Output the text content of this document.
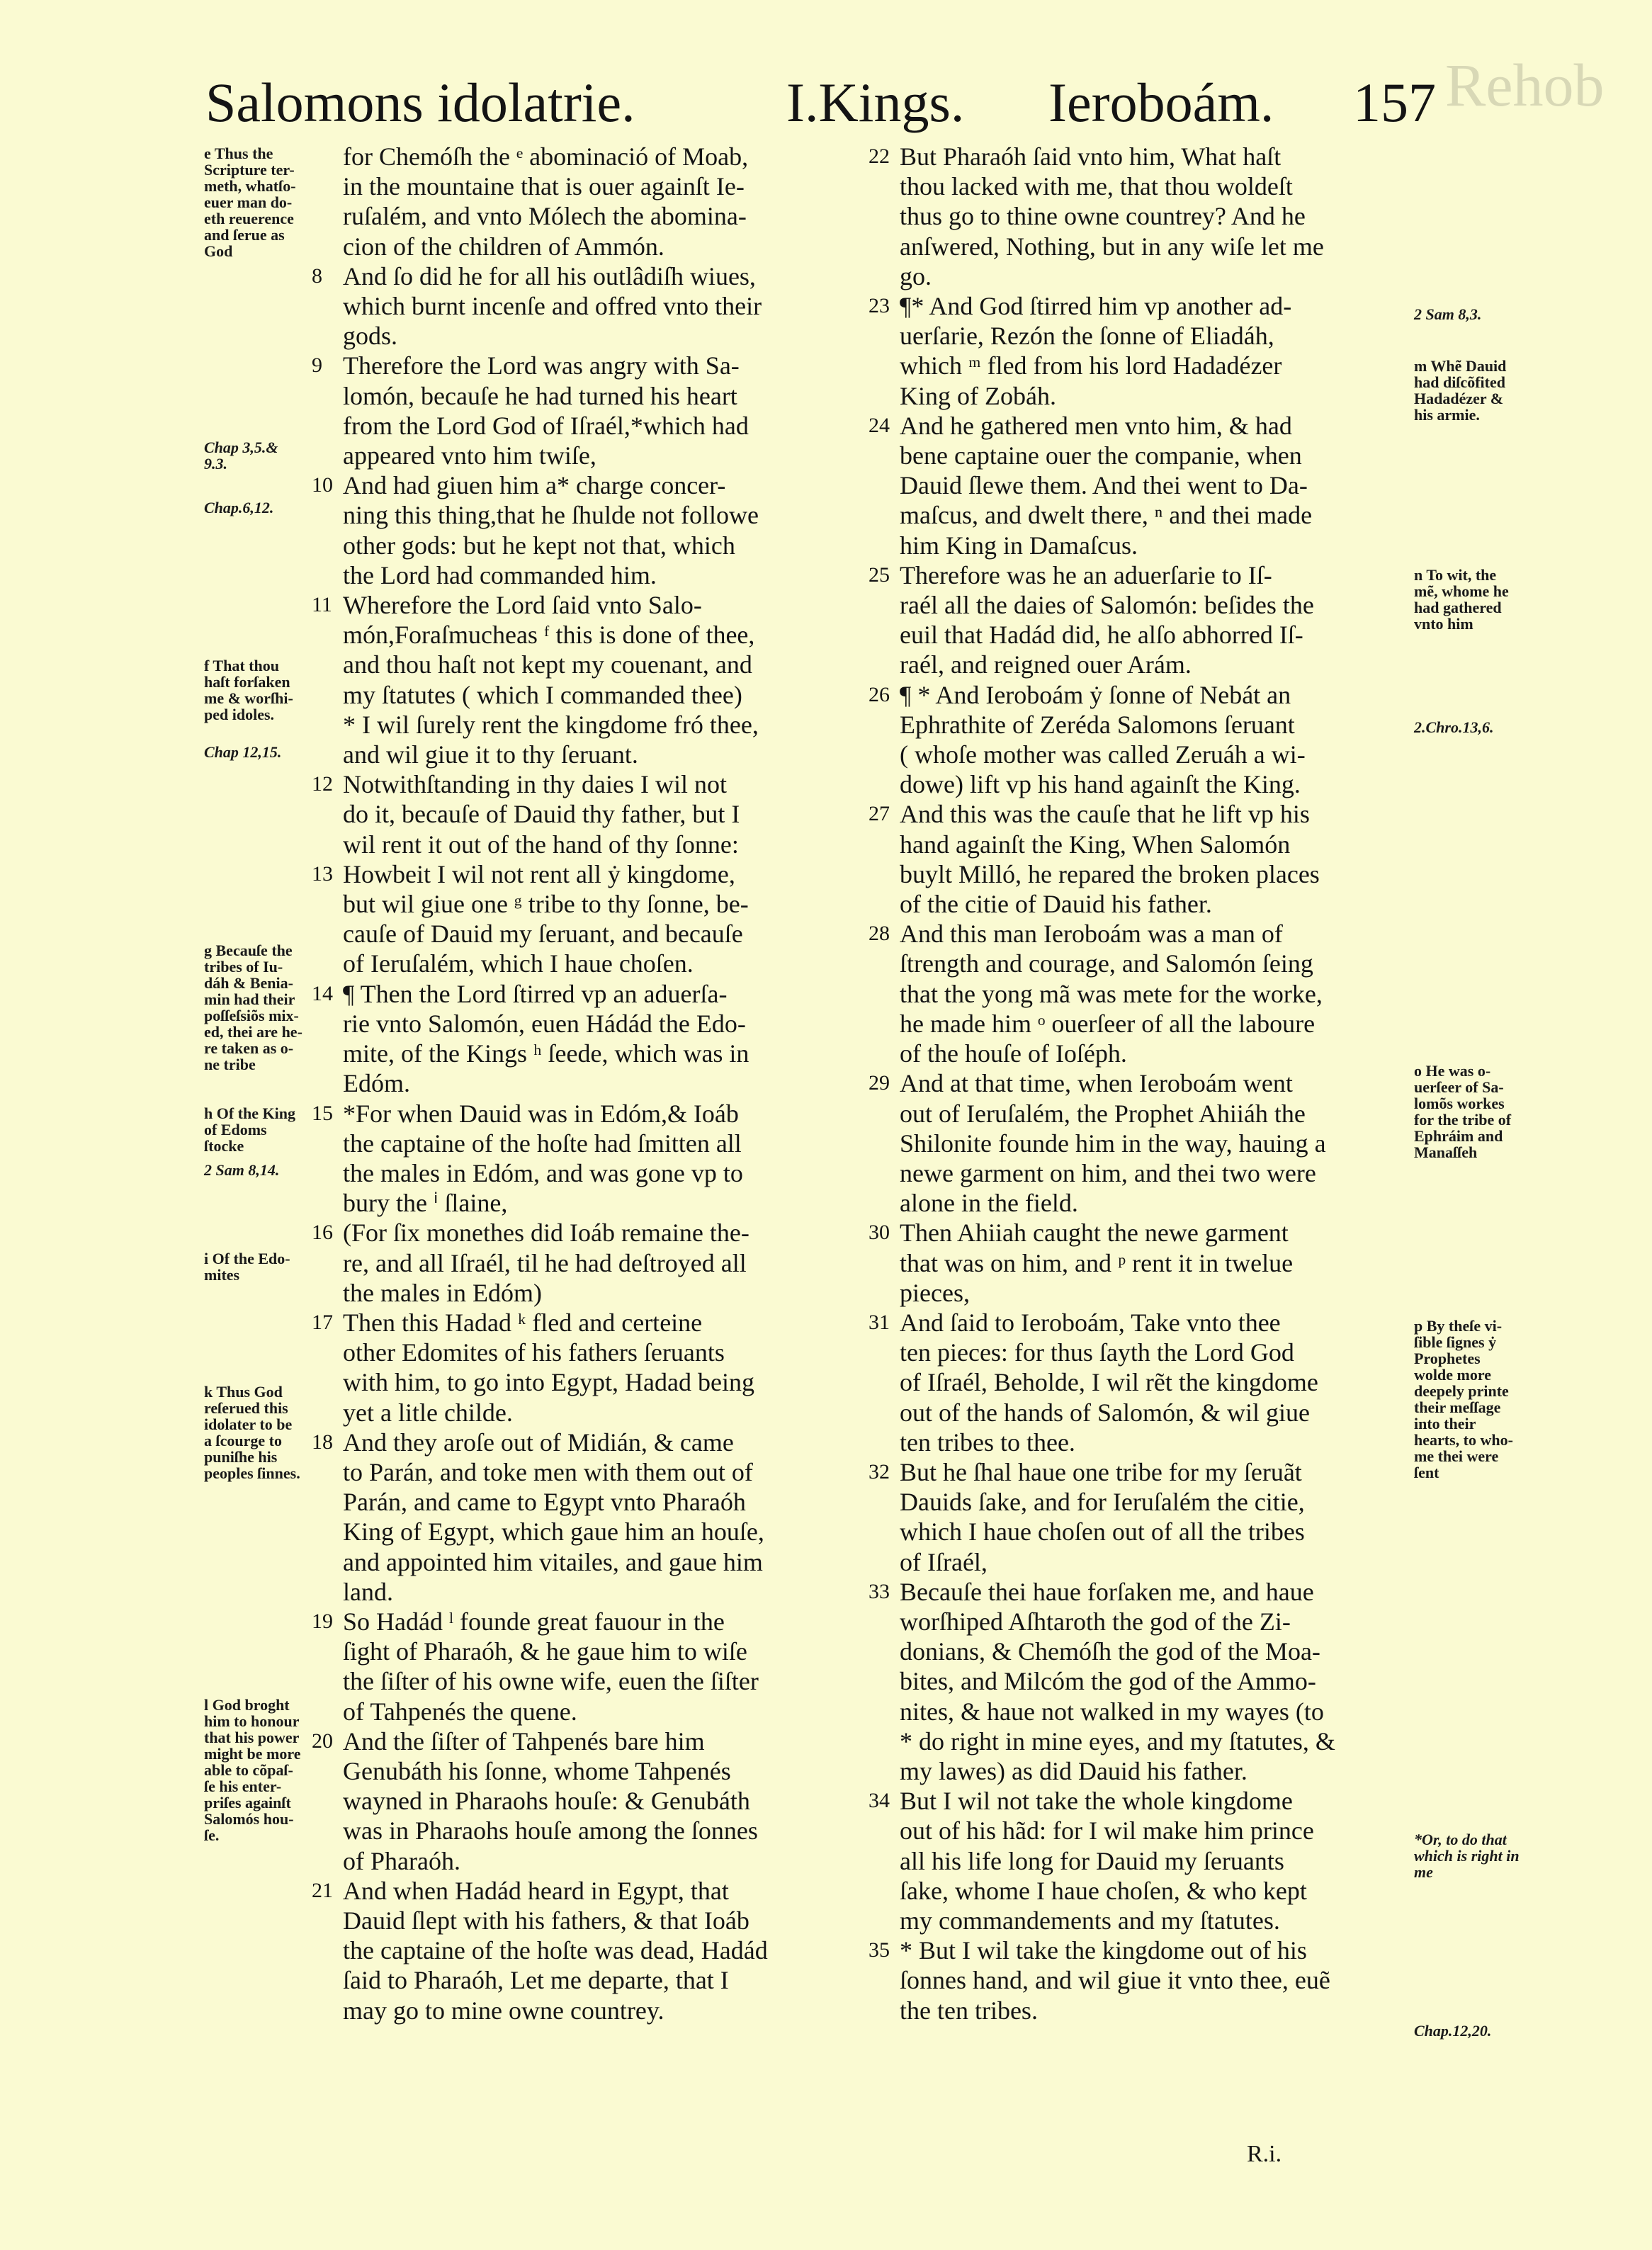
Rehob
Salomons idolatrie.	I.Kings. Ieroboám. 157

for Chemóſh the ᵉ abominació of Moab,

in the mountaine that is ouer againſt Ie-

ruſalém, and vnto Mólech the abomina-

cion of the children of Ammón.

8 And ſo did he for all his outlâdiſh wiues,

which burnt incenſe and offred vnto their

gods.

9 Therefore the Lord was angry with Sa-

lomón, becauſe he had turned his heart

from the Lord God of Iſraél,*which had

appeared vnto him twiſe,

10 And had giuen him a* charge concer-

ning this thing,that he ſhulde not followe

other gods: but he kept not that, which

the Lord had commanded him.

11 Wherefore the Lord ſaid vnto Salo-

món,Foraſmucheas ᶠ this is done of thee,

and thou haſt not kept my couenant, and

my ſtatutes ( which I commanded thee)

* I wil ſurely rent the kingdome fró thee,

and wil giue it to thy ſeruant.

12 Notwithſtanding in thy daies I wil not

do it, becauſe of Dauid thy father, but I

wil rent it out of the hand of thy ſonne:

13 Howbeit I wil not rent all ẏ kingdome,

but wil giue one ᵍ tribe to thy ſonne, be-

cauſe of Dauid my ſeruant, and becauſe

of Ieruſalém, which I haue choſen.

14 ¶ Then the Lord ſtirred vp an aduerſa-

rie vnto Salomón, euen Hádád the Edo-

mite, of the Kings ʰ ſeede, which was in

Edóm.

15 *For when Dauid was in Edóm,& Ioáb

the captaine of the hoſte had ſmitten all

the males in Edóm, and was gone vp to

bury the ⁱ ſlaine,

16 (For ſix monethes did Ioáb remaine the-

re, and all Iſraél, til he had deſtroyed all

the males in Edóm)

17 Then this Hadad ᵏ fled and certeine

other Edomites of his fathers ſeruants

with him, to go into Egypt, Hadad being

yet a litle childe.

18 And they aroſe out of Midián, & came

to Parán, and toke men with them out of

Parán, and came to Egypt vnto Pharaóh

King of Egypt, which gaue him an houſe,

and appointed him vitailes, and gaue him

land.

19 So Hadád ˡ founde great fauour in the

ſight of Pharaóh, & he gaue him to wiſe

the ſiſter of his owne wife, euen the ſiſter

of Tahpenés the quene.

20 And the ſiſter of Tahpenés bare him

Genubáth his ſonne, whome Tahpenés

wayned in Pharaohs houſe: & Genubáth

was in Pharaohs houſe among the ſonnes

of Pharaóh.

21 And when Hadád heard in Egypt, that

Dauid ſlept with his fathers, & that Ioáb

the captaine of the hoſte was dead, Hadád

ſaid to Pharaóh, Let me departe, that I

may go to mine owne countrey.

22 But Pharaóh ſaid vnto him, What haſt

thou lacked with me, that thou woldeſt

thus go to thine owne countrey? And he

anſwered, Nothing, but in any wiſe let me

go.

23 ¶* And God ſtirred him vp another ad-

uerſarie, Rezón the ſonne of Eliadáh,

which ᵐ fled from his lord Hadadézer

King of Zobáh.

24 And he gathered men vnto him, & had

bene captaine ouer the companie, when

Dauid ſlewe them. And thei went to Da-

maſcus, and dwelt there, ⁿ and thei made

him King in Damaſcus.

25 Therefore was he an aduerſarie to Iſ-

raél all the daies of Salomón: beſides the

euil that Hadád did, he alſo abhorred Iſ-

raél, and reigned ouer Arám.

26 ¶ * And Ieroboám ẏ ſonne of Nebát an

Ephrathite of Zeréda Salomons ſeruant

( whoſe mother was called Zeruáh a wi-

dowe) lift vp his hand againſt the King.

27 And this was the cauſe that he lift vp his

hand againſt the King, When Salomón

buylt Milló, he repared the broken places

of the citie of Dauid his father.

28 And this man Ieroboám was a man of

ſtrength and courage, and Salomón ſeing

that the yong mã was mete for the worke,

he made him ᵒ ouerſeer of all the laboure

of the houſe of Ioſéph.

29 And at that time, when Ieroboám went

out of Ieruſalém, the Prophet Ahiiáh the

Shilonite founde him in the way, hauing a

newe garment on him, and thei two were

alone in the field.

30 Then Ahiiah caught the newe garment

that was on him, and ᵖ rent it in twelue

pieces,

31 And ſaid to Ieroboám, Take vnto thee

ten pieces: for thus ſayth the Lord God

of Iſraél, Beholde, I wil rẽt the kingdome

out of the hands of Salomón, & wil giue

ten tribes to thee.

32 But he ſhal haue one tribe for my ſeruãt

Dauids ſake, and for Ieruſalém the citie,

which I haue choſen out of all the tribes

of Iſraél,

33 Becauſe thei haue forſaken me, and haue

worſhiped Aſhtaroth the god of the Zi-

donians, & Chemóſh the god of the Moa-

bites, and Milcóm the god of the Ammo-

nites, & haue not walked in my wayes (to

* do right in mine eyes, and my ſtatutes, &

my lawes) as did Dauid his father.

34 But I wil not take the whole kingdome

out of his hãd: for I wil make him prince

all his life long for Dauid my ſeruants

ſake, whome I haue choſen, & who kept

my commandements and my ſtatutes.

35 * But I wil take the kingdome out of his

ſonnes hand, and wil giue it vnto thee, euẽ

the ten tribes.

e Thus the
Scripture ter-
meth, whatſo-
euer man do-
eth reuerence
and ſerue as
God
Chap 3,5.&
9.3.
Chap.6,12.
f That thou
haſt forſaken
me & worſhi-
ped idoles.
Chap 12,15.
g Becauſe the
tribes of Iu-
dáh & Benia-
min had their
poſſeſsiõs mix-
ed, thei are he-
re taken as o-
ne tribe
h Of the King
of Edoms
ſtocke
2 Sam 8,14.
i Of the Edo-
mites
k Thus God
reſerued this
idolater to be
a ſcourge to
puniſhe his
peoples ſinnes.
l God broght
him to honour
that his power
might be more
able to cõpaſ-
ſe his enter-
priſes againſt
Salomós hou-
ſe.
2 Sam 8,3.
m Whẽ Dauid
had diſcõfited
Hadadézer &
his armie.
n To wit, the
mẽ, whome he
had gathered
vnto him
2.Chro.13,6.
o He was o-
uerſeer of Sa-
lomõs workes
for the tribe of
Ephráim and
Manaſſeh
p By theſe vi-
ſible ſignes ẏ
Prophetes
wolde more
deepely printe
their meſſage
into their
hearts, to who-
me thei were
ſent
*Or, to do that
which is right in
me
Chap.12,20.
R.i.
